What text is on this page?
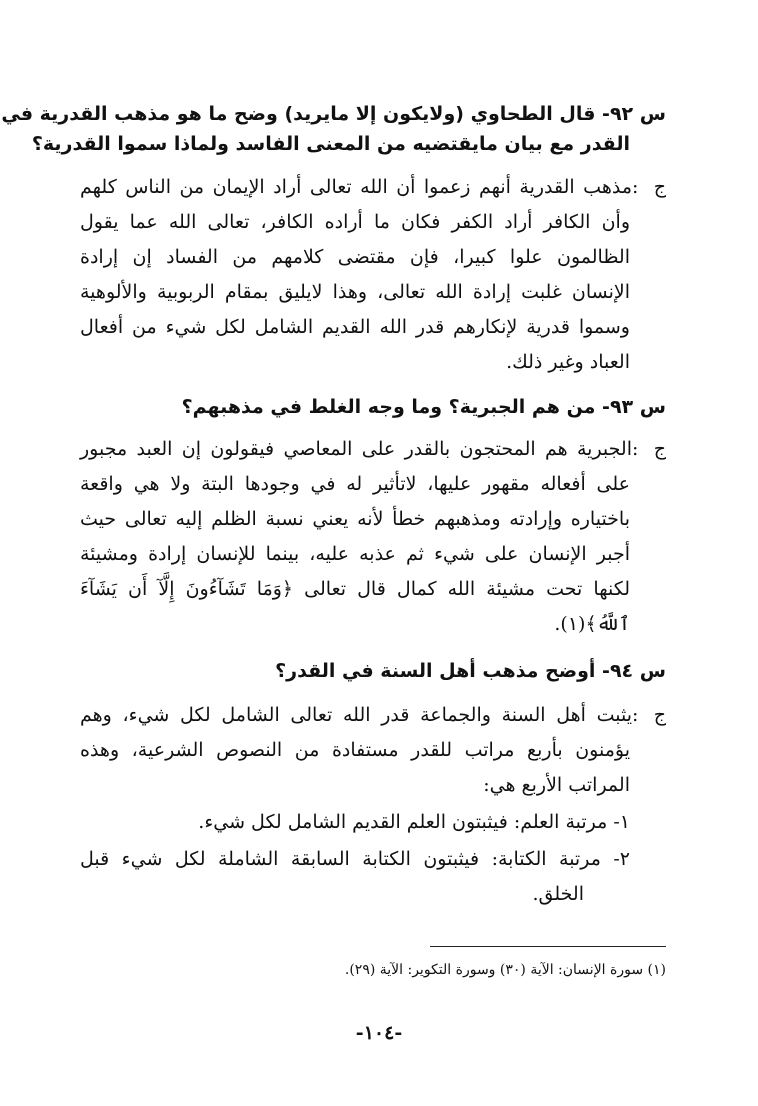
س ٩٢- قال الطحاوي (ولايكون إلا مايريد) وضح ما هو مذهب القدرية في
القدر مع بيان مايقتضيه من المعنى الفاسد ولماذا سموا القدرية؟
ج :مذهب القدرية أنهم زعموا أن الله تعالى أراد الإيمان من الناس كلهم
وأن الكافر أراد الكفر فكان ما أراده الكافر، تعالى الله عما يقول
الظالمون علوا كبيرا، فإن مقتضى كلامهم من الفساد إن إرادة
الإنسان غلبت إرادة الله تعالى، وهذا لايليق بمقام الربوبية والألوهية
وسموا قدرية لإنكارهم قدر الله القديم الشامل لكل شيء من أفعال
العباد وغير ذلك.
س ٩٣- من هم الجبرية؟ وما وجه الغلط في مذهبهم؟
ج :الجبرية هم المحتجون بالقدر على المعاصي فيقولون إن العبد مجبور
على أفعاله مقهور عليها، لاتأثير له في وجودها البتة ولا هي واقعة
باختياره وإرادته ومذهبهم خطأ لأنه يعني نسبة الظلم إليه تعالى حيث
أجبر الإنسان على شيء ثم عذبه عليه، بينما للإنسان إرادة ومشيئة
لكنها تحت مشيئة الله كمال قال تعالى ﴿وَمَا تَشَآءُونَ إِلَّآ أَن يَشَآءَ
ٱللَّهُ﴾(١).
س ٩٤- أوضح مذهب أهل السنة في القدر؟
ج :يثبت أهل السنة والجماعة قدر الله تعالى الشامل لكل شيء، وهم
يؤمنون بأربع مراتب للقدر مستفادة من النصوص الشرعية، وهذه
المراتب الأربع هي:
١- مرتبة العلم: فيثبتون العلم القديم الشامل لكل شيء.
٢- مرتبة الكتابة: فيثبتون الكتابة السابقة الشاملة لكل شيء قبل
الخلق.
(١) سورة الإنسان: الآية (٣٠) وسورة التكوير: الآية (٢٩).
-١٠٤-
